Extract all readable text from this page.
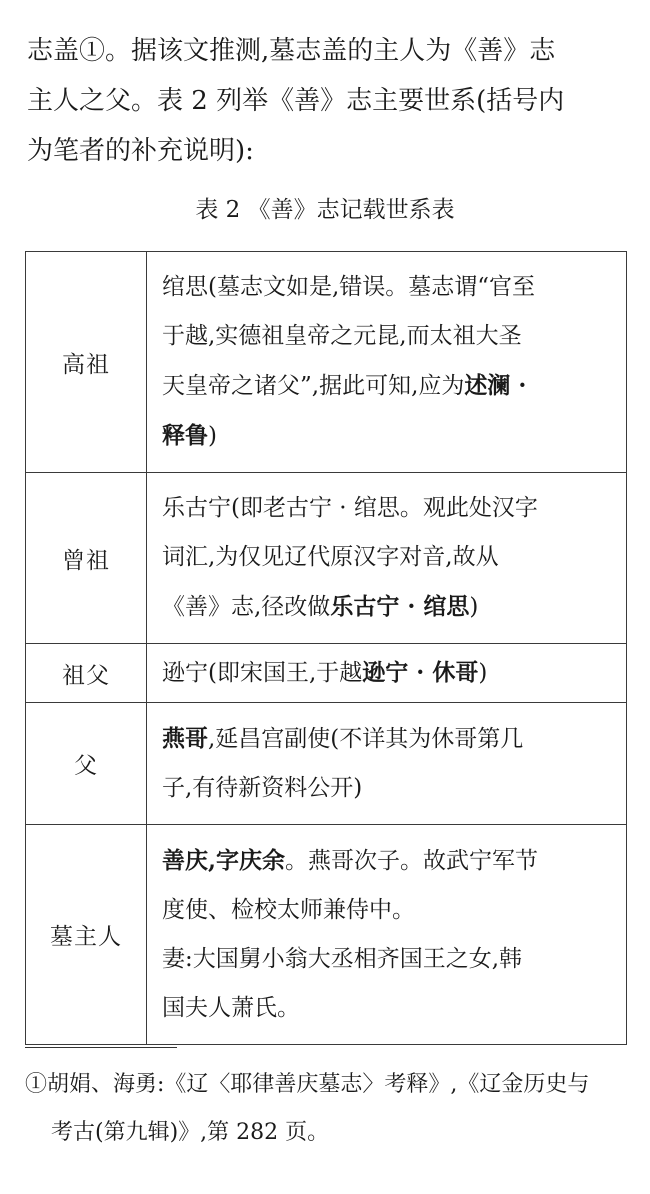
志盖①。据该文推测,墓志盖的主人为《善》志
主人之父。表 2 列举《善》志主要世系(括号内
为笔者的补充说明):

表 2 《善》志记载世系表

高祖	绾思(墓志文如是,错误。墓志谓“官至
于越,实德祖皇帝之元昆,而太祖大圣
天皇帝之诸父”,据此可知,应为述澜 ·
释鲁)

曾祖	乐古宁(即老古宁 · 绾思。观此处汉字
词汇,为仅见辽代原汉字对音,故从
《善》志,径改做乐古宁 · 绾思)

祖父	逊宁(即宋国王,于越逊宁 · 休哥)

父	燕哥,延昌宫副使(不详其为休哥第几
子,有待新资料公开)

墓主人	善庆,字庆余。燕哥次子。故武宁军节
度使、检校太师兼侍中。
妻:大国舅小翁大丞相齐国王之女,韩
国夫人萧氏。

①胡娟、海勇:《辽〈耶律善庆墓志〉考释》,《辽金历史与
考古(第九辑)》,第 282 页。
